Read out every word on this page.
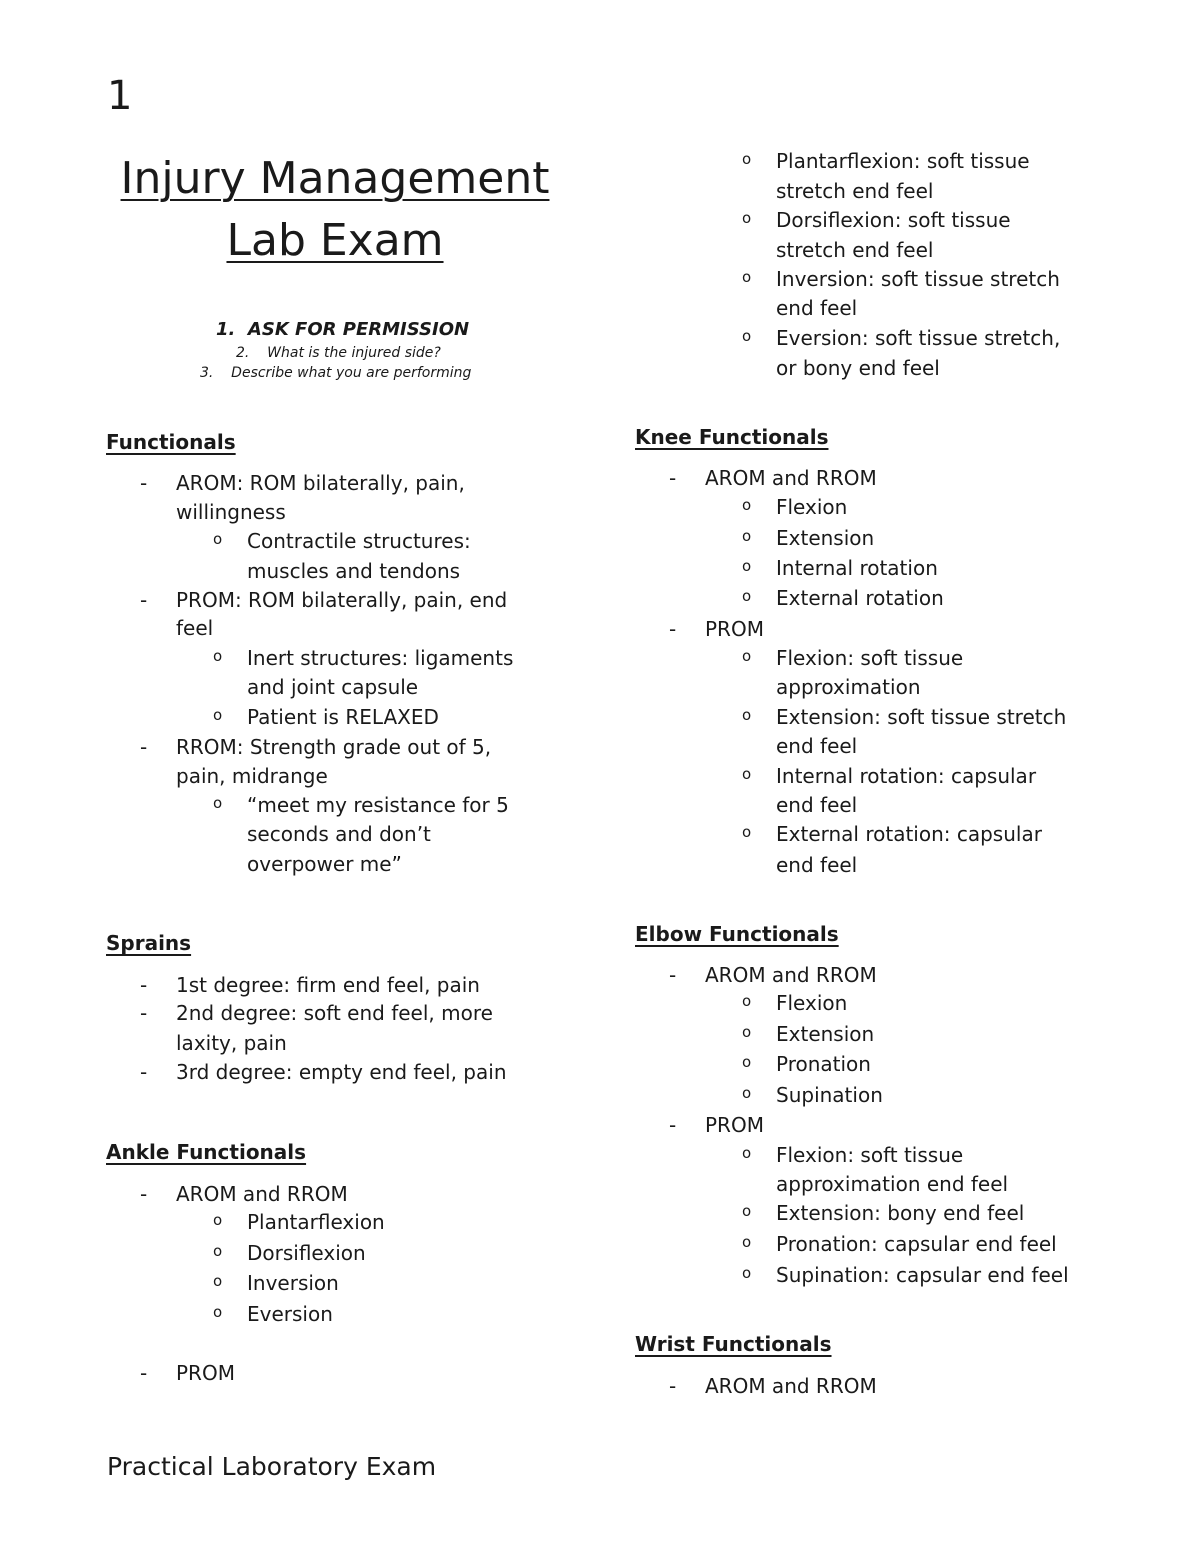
1
Injury Management
Lab Exam
1. ASK FOR PERMISSION
2. What is the injured side?
3. Describe what you are performing
Functionals
- AROM: ROM bilaterally, pain,
willingness
o Contractile structures:
muscles and tendons
- PROM: ROM bilaterally, pain, end
feel
o Inert structures: ligaments
and joint capsule
o Patient is RELAXED
- RROM: Strength grade out of 5,
pain, midrange
o “meet my resistance for 5
seconds and don’t
overpower me”
Sprains
- 1st degree: firm end feel, pain
- 2nd degree: soft end feel, more
laxity, pain
- 3rd degree: empty end feel, pain
Ankle Functionals
- AROM and RROM
o Plantarflexion
o Dorsiflexion
o Inversion
o Eversion
- PROM
o Plantarflexion: soft tissue
stretch end feel
o Dorsiflexion: soft tissue
stretch end feel
o Inversion: soft tissue stretch
end feel
o Eversion: soft tissue stretch,
or bony end feel
Knee Functionals
- AROM and RROM
o Flexion
o Extension
o Internal rotation
o External rotation
- PROM
o Flexion: soft tissue
approximation
o Extension: soft tissue stretch
end feel
o Internal rotation: capsular
end feel
o External rotation: capsular
end feel
Elbow Functionals
- AROM and RROM
o Flexion
o Extension
o Pronation
o Supination
- PROM
o Flexion: soft tissue
approximation end feel
o Extension: bony end feel
o Pronation: capsular end feel
o Supination: capsular end feel
Wrist Functionals
- AROM and RROM
Practical Laboratory Exam
